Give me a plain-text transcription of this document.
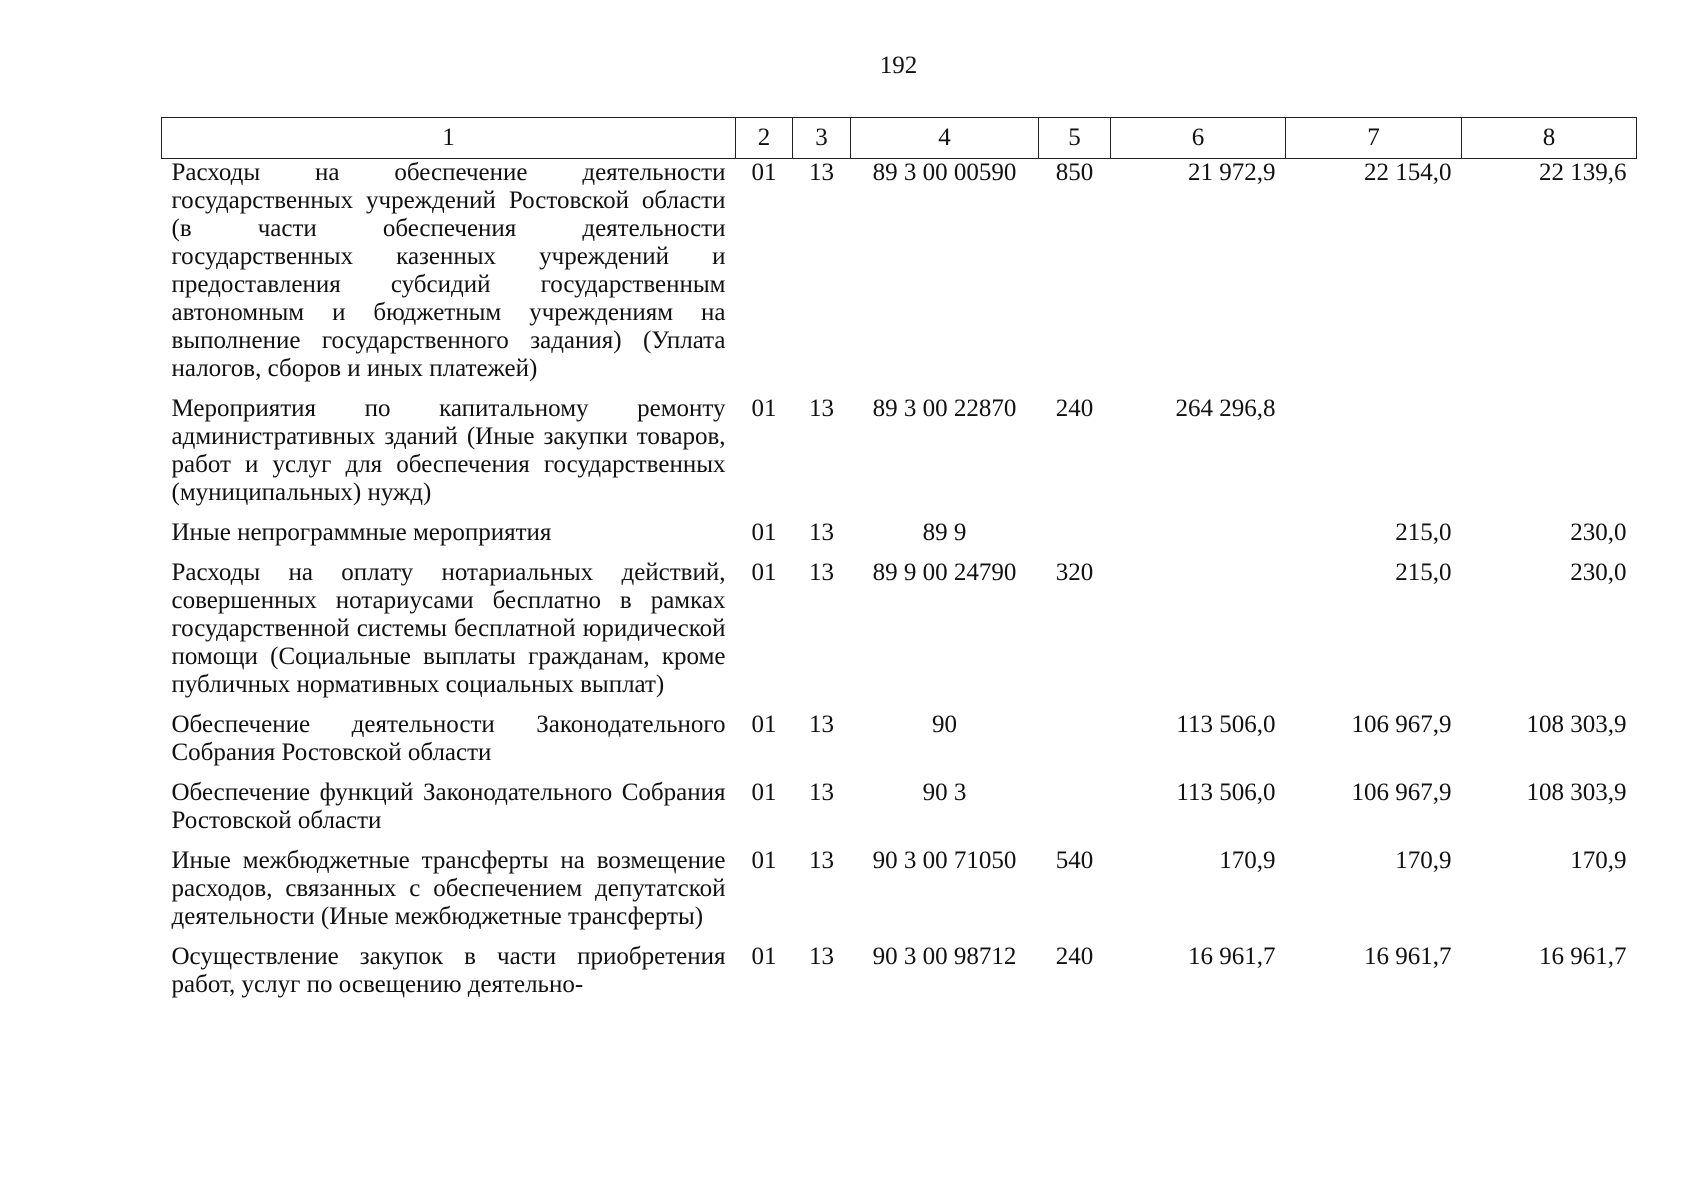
192
1	2	3	4	5	6	7	8
Расходы на обеспечение деятельности государственных учреждений Ростовской области (в части обеспечения деятельности государственных казенных учреждений и предоставления субсидий государственным автономным и бюджетным учреждениям на выполнение государственного задания) (Уплата налогов, сборов и иных платежей)	01	13	89 3 00 00590	850	21 972,9	22 154,0	22 139,6
Мероприятия по капитальному ремонту административных зданий (Иные закупки товаров, работ и услуг для обеспечения государственных (муниципальных) нужд)	01	13	89 3 00 22870	240	264 296,8		
Иные непрограммные мероприятия	01	13	89 9			215,0	230,0
Расходы на оплату нотариальных действий, совершенных нотариусами бесплатно в рамках государственной системы бесплатной юридической помощи (Социальные выплаты гражданам, кроме публичных нормативных социальных выплат)	01	13	89 9 00 24790	320		215,0	230,0
Обеспечение деятельности Законодательного Собрания Ростовской области	01	13	90		113 506,0	106 967,9	108 303,9
Обеспечение функций Законодательного Собрания Ростовской области	01	13	90 3		113 506,0	106 967,9	108 303,9
Иные межбюджетные трансферты на возмещение расходов, связанных с обеспечением депутатской деятельности (Иные межбюджетные трансферты)	01	13	90 3 00 71050	540	170,9	170,9	170,9
Осуществление закупок в части приобретения работ, услуг по освещению деятельно-	01	13	90 3 00 98712	240	16 961,7	16 961,7	16 961,7
